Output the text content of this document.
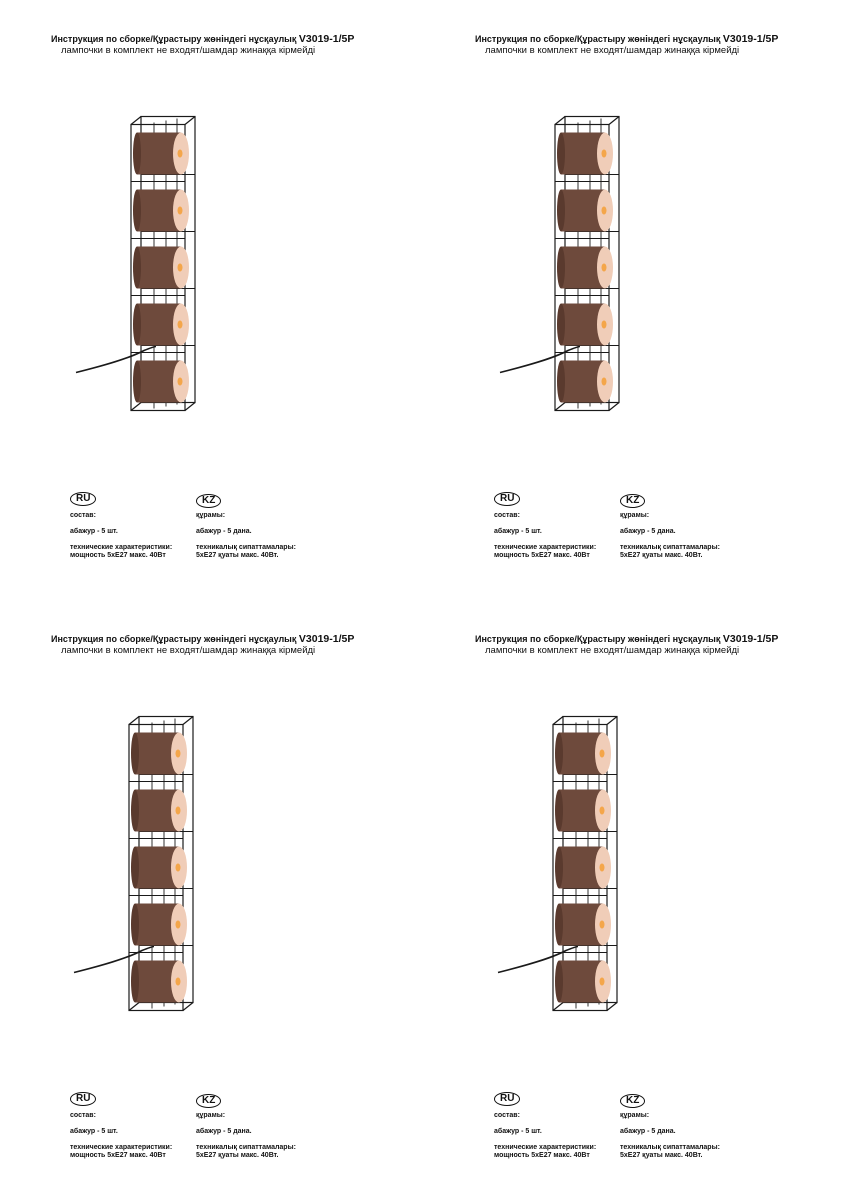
Инструкция по сборке/Құрастыру жөніндегі нұсқаулық V3019-1/5P
лампочки в комплект не входят/шамдар жинаққа кірмейді
RU
состав:
абажур - 5 шт.
технические характеристики:
мощность 5xE27 макс. 40Вт
KZ
құрамы:
абажур - 5 дана.
техникалық сипаттамалары:
5xE27 қуаты макс. 40Вт.
Инструкция по сборке/Құрастыру жөніндегі нұсқаулық V3019-1/5P
лампочки в комплект не входят/шамдар жинаққа кірмейді
RU
состав:
абажур - 5 шт.
технические характеристики:
мощность 5xE27 макс. 40Вт
KZ
құрамы:
абажур - 5 дана.
техникалық сипаттамалары:
5xE27 қуаты макс. 40Вт.
Инструкция по сборке/Құрастыру жөніндегі нұсқаулық V3019-1/5P
лампочки в комплект не входят/шамдар жинаққа кірмейді
RU
состав:
абажур - 5 шт.
технические характеристики:
мощность 5xE27 макс. 40Вт
KZ
құрамы:
абажур - 5 дана.
техникалық сипаттамалары:
5xE27 қуаты макс. 40Вт.
Инструкция по сборке/Құрастыру жөніндегі нұсқаулық V3019-1/5P
лампочки в комплект не входят/шамдар жинаққа кірмейді
RU
состав:
абажур - 5 шт.
технические характеристики:
мощность 5xE27 макс. 40Вт
KZ
құрамы:
абажур - 5 дана.
техникалық сипаттамалары:
5xE27 қуаты макс. 40Вт.
